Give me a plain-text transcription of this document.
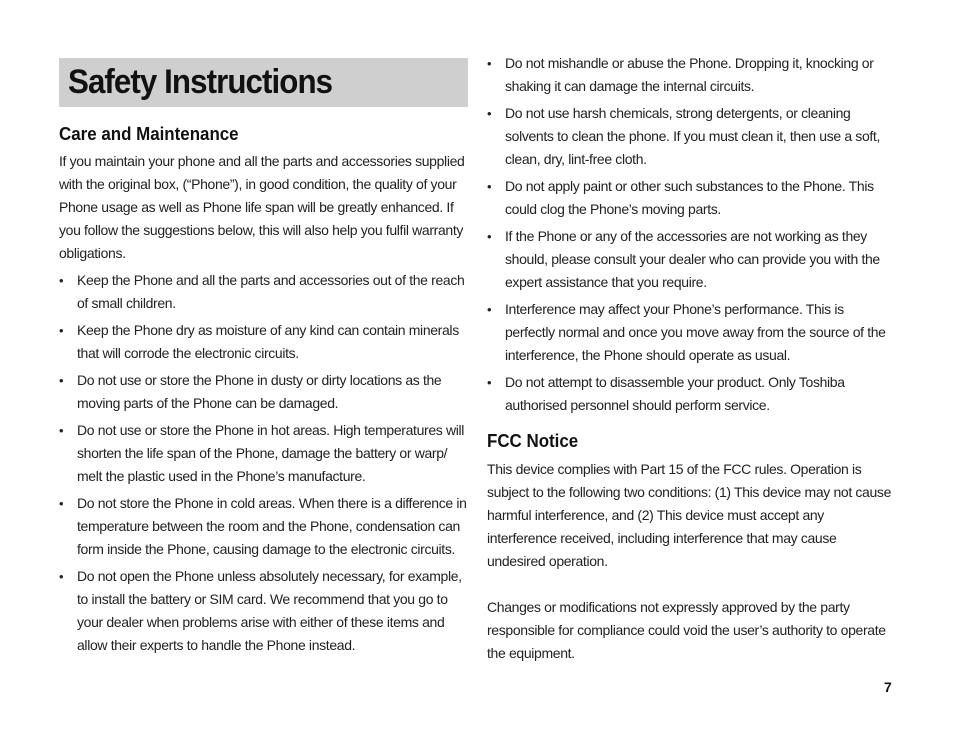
Safety Instructions
Care and Maintenance

If you maintain your phone and all the parts and accessories supplied with the original box, (“Phone”), in good condition, the quality of your Phone usage as well as Phone life span will be greatly enhanced. If you follow the suggestions below, this will also help you fulfil warranty obligations.

• Keep the Phone and all the parts and accessories out of the reach of small children.
• Keep the Phone dry as moisture of any kind can contain minerals that will corrode the electronic circuits.
• Do not use or store the Phone in dusty or dirty locations as the moving parts of the Phone can be damaged.
• Do not use or store the Phone in hot areas. High temperatures will shorten the life span of the Phone, damage the battery or warp/ melt the plastic used in the Phone’s manufacture.
• Do not store the Phone in cold areas. When there is a difference in temperature between the room and the Phone, condensation can form inside the Phone, causing damage to the electronic circuits.
• Do not open the Phone unless absolutely necessary, for example, to install the battery or SIM card. We recommend that you go to your dealer when problems arise with either of these items and allow their experts to handle the Phone instead.
• Do not mishandle or abuse the Phone. Dropping it, knocking or shaking it can damage the internal circuits.
• Do not use harsh chemicals, strong detergents, or cleaning solvents to clean the phone. If you must clean it, then use a soft, clean, dry, lint-free cloth.
• Do not apply paint or other such substances to the Phone. This could clog the Phone’s moving parts.
• If the Phone or any of the accessories are not working as they should, please consult your dealer who can provide you with the expert assistance that you require.
• Interference may affect your Phone’s performance. This is perfectly normal and once you move away from the source of the interference, the Phone should operate as usual.
• Do not attempt to disassemble your product. Only Toshiba authorised personnel should perform service.
FCC Notice

This device complies with Part 15 of the FCC rules. Operation is subject to the following two conditions: (1) This device may not cause harmful interference, and (2) This device must accept any interference received, including interference that may cause undesired operation.

Changes or modifications not expressly approved by the party responsible for compliance could void the user’s authority to operate the equipment.

7
